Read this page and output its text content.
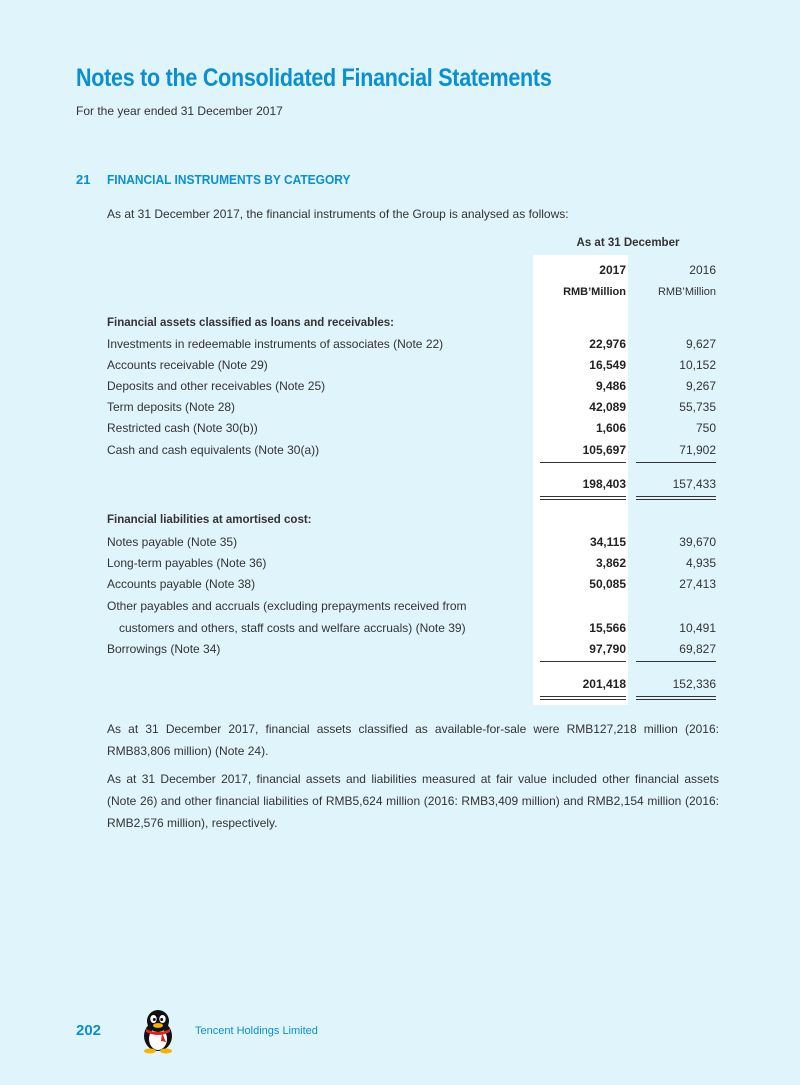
Notes to the Consolidated Financial Statements
For the year ended 31 December 2017
21 FINANCIAL INSTRUMENTS BY CATEGORY
As at 31 December 2017, the financial instruments of the Group is analysed as follows:
As at 31 December
2017	2016
RMB’Million	RMB’Million
Financial assets classified as loans and receivables:
Investments in redeemable instruments of associates (Note 22)	22,976	9,627
Accounts receivable (Note 29)	16,549	10,152
Deposits and other receivables (Note 25)	9,486	9,267
Term deposits (Note 28)	42,089	55,735
Restricted cash (Note 30(b))	1,606	750
Cash and cash equivalents (Note 30(a))	105,697	71,902
198,403	157,433
Financial liabilities at amortised cost:
Notes payable (Note 35)	34,115	39,670
Long-term payables (Note 36)	3,862	4,935
Accounts payable (Note 38)	50,085	27,413
Other payables and accruals (excluding prepayments received from
customers and others, staff costs and welfare accruals) (Note 39)	15,566	10,491
Borrowings (Note 34)	97,790	69,827
201,418	152,336
As at 31 December 2017, financial assets classified as available-for-sale were RMB127,218 million (2016: RMB83,806 million) (Note 24).
As at 31 December 2017, financial assets and liabilities measured at fair value included other financial assets (Note 26) and other financial liabilities of RMB5,624 million (2016: RMB3,409 million) and RMB2,154 million (2016: RMB2,576 million), respectively.
202	Tencent Holdings Limited
